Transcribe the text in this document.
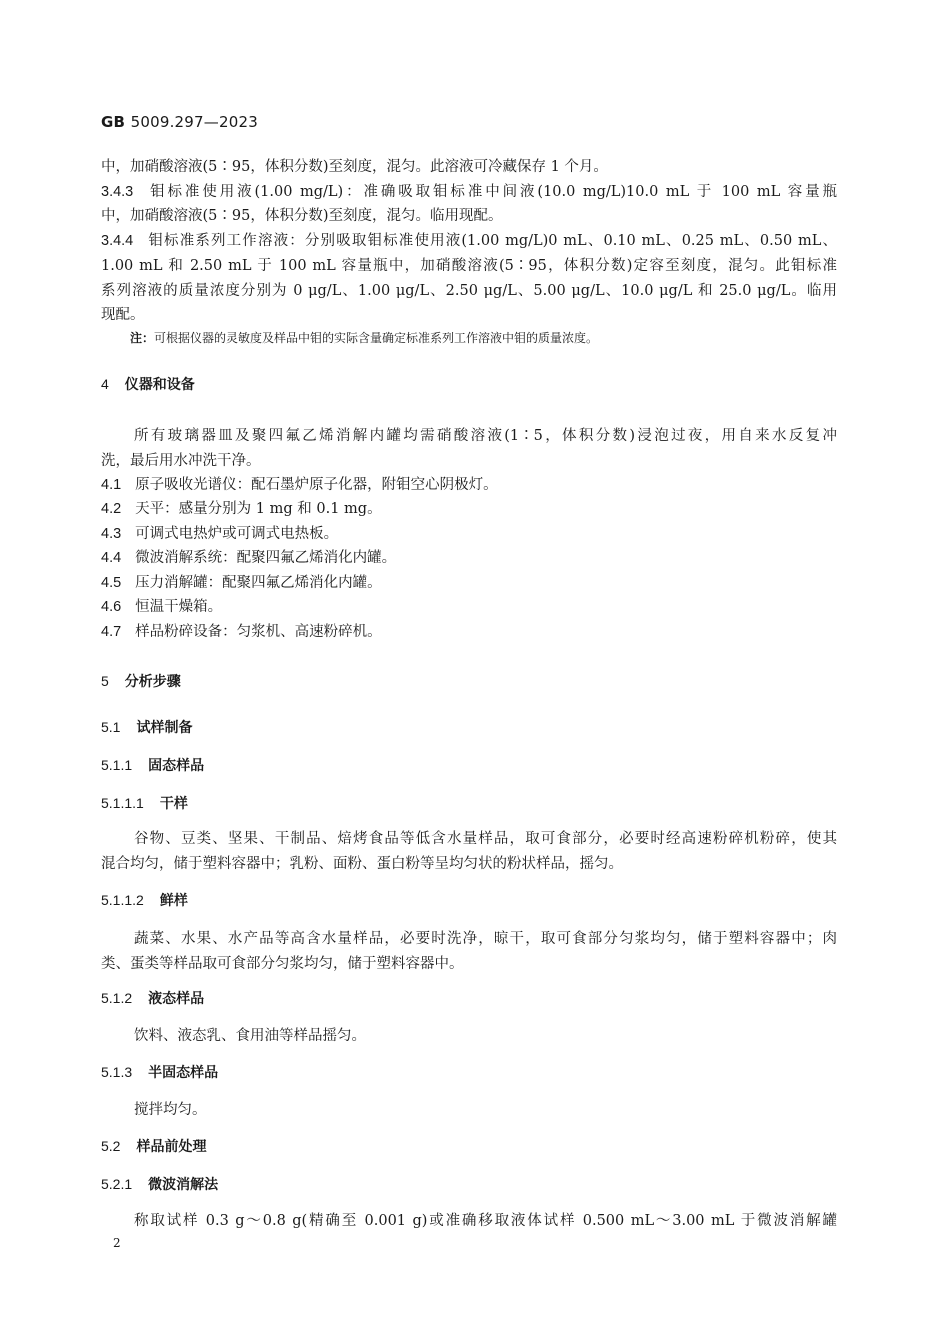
GB 5009.297—2023
中，加硝酸溶液(5∶95，体积分数)至刻度，混匀。此溶液可冷藏保存 1 个月。
3.4.3 钼标准使用液(1.00 mg/L)：准确吸取钼标准中间液(10.0 mg/L)10.0 mL 于 100 mL 容量瓶
中，加硝酸溶液(5∶95，体积分数)至刻度，混匀。临用现配。
3.4.4 钼标准系列工作溶液：分别吸取钼标准使用液(1.00 mg/L)0 mL、0.10 mL、0.25 mL、0.50 mL、
1.00 mL 和 2.50 mL 于 100 mL 容量瓶中，加硝酸溶液(5∶95，体积分数)定容至刻度，混匀。此钼标准
系列溶液的质量浓度分别为 0 μg/L、1.00 μg/L、2.50 μg/L、5.00 μg/L、10.0 μg/L 和 25.0 μg/L。临用
现配。
注：可根据仪器的灵敏度及样品中钼的实际含量确定标准系列工作溶液中钼的质量浓度。
4 仪器和设备
所有玻璃器皿及聚四氟乙烯消解内罐均需硝酸溶液(1∶5，体积分数)浸泡过夜，用自来水反复冲
洗，最后用水冲洗干净。
4.1 原子吸收光谱仪：配石墨炉原子化器，附钼空心阴极灯。
4.2 天平：感量分别为 1 mg 和 0.1 mg。
4.3 可调式电热炉或可调式电热板。
4.4 微波消解系统：配聚四氟乙烯消化内罐。
4.5 压力消解罐：配聚四氟乙烯消化内罐。
4.6 恒温干燥箱。
4.7 样品粉碎设备：匀浆机、高速粉碎机。
5 分析步骤
5.1 试样制备
5.1.1 固态样品
5.1.1.1 干样
谷物、豆类、坚果、干制品、焙烤食品等低含水量样品，取可食部分，必要时经高速粉碎机粉碎，使其
混合均匀，储于塑料容器中；乳粉、面粉、蛋白粉等呈均匀状的粉状样品，摇匀。
5.1.1.2 鲜样
蔬菜、水果、水产品等高含水量样品，必要时洗净，晾干，取可食部分匀浆均匀，储于塑料容器中；肉
类、蛋类等样品取可食部分匀浆均匀，储于塑料容器中。
5.1.2 液态样品
饮料、液态乳、食用油等样品摇匀。
5.1.3 半固态样品
搅拌均匀。
5.2 样品前处理
5.2.1 微波消解法
称取试样 0.3 g～0.8 g(精确至 0.001 g)或准确移取液体试样 0.500 mL～3.00 mL 于微波消解罐
2
